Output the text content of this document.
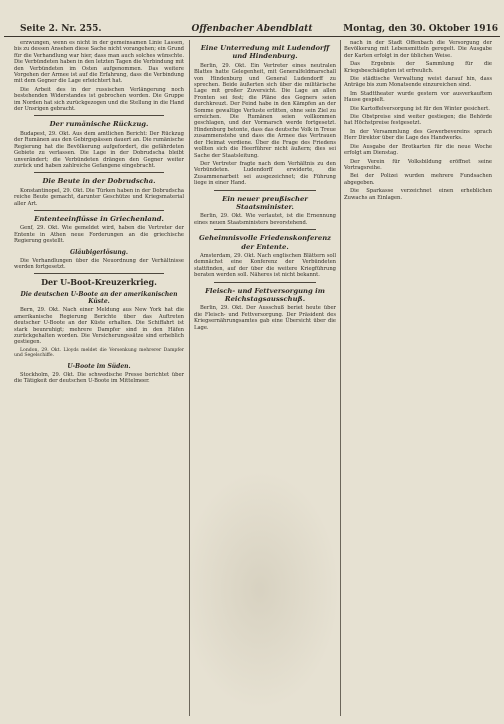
Seite 2. Nr. 255.	Offenbacher Abendblatt	Montag, den 30. Oktober 1916

erzwungen, wenn es nicht in der gemeinsamen Linie Lassen, bis zu dessen Ansehen diese Sache nicht vorangehen; ein Grund für die Verhandlung war hier, dass man auch solches wünschte. Die Verbündeten haben in den letzten Tagen die Verbindung mit den Verbündeten im Osten aufgenommen. Das weitere Vorgehen der Armee ist auf die Erfahrung, dass die Verbindung mit dem Gegner die Lage erleichtert hat.

Die Arbeit des in der russischen Verlängerung noch bestehenden Widerstandes ist gebrochen worden. Die Gruppe im Norden hat sich zurückgezogen und die Stellung in die Hand der Unsrigen gebracht.

Der rumänische Rückzug.

Budapest, 29. Okt. Aus dem amtlichen Bericht: Der Rückzug der Rumänen aus den Gebirgspässen dauert an. Die rumänische Regierung hat die Bevölkerung aufgefordert, die gefährdeten Gebiete zu verlassen. Die Lage in der Dobrudscha bleibt unverändert; die Verbündeten drängen den Gegner weiter zurück und haben zahlreiche Gefangene eingebracht.

Die Beute in der Dobrudscha.

Konstantinopel, 29. Okt. Die Türken haben in der Dobrudscha reiche Beute gemacht, darunter Geschütze und Kriegsmaterial aller Art.

Ententeeinflüsse in Griechenland.

Genf, 29. Okt. Wie gemeldet wird, haben die Vertreter der Entente in Athen neue Forderungen an die griechische Regierung gestellt.

Gläubigerlösung.

Die Verhandlungen über die Neuordnung der Verhältnisse werden fortgesetzt.

Der U-Boot-Kreuzerkrieg.
Die deutschen U-Boote an der amerikanischen Küste.

Bern, 29. Okt. Nach einer Meldung aus New York hat die amerikanische Regierung Berichte über das Auftreten deutscher U-Boote an der Küste erhalten. Die Schiffahrt ist stark beunruhigt; mehrere Dampfer sind in den Häfen zurückgehalten worden. Die Versicherungssätze sind erheblich gestiegen.

London, 29. Okt. Lloyds meldet die Versenkung mehrerer Dampfer und Segelschiffe.

U-Boote im Süden.

Stockholm, 29. Okt. Die schwedische Presse berichtet über die Tätigkeit der deutschen U-Boote im Mittelmeer.

Eine Unterredung mit Ludendorff und Hindenburg.

Berlin, 29. Okt. Ein Vertreter eines neutralen Blattes hatte Gelegenheit, mit Generalfeldmarschall von Hindenburg und General Ludendorff zu sprechen. Beide äußerten sich über die militärische Lage mit großer Zuversicht. Die Lage an allen Fronten sei fest; die Pläne des Gegners seien durchkreuzt. Der Feind habe in den Kämpfen an der Somme gewaltige Verluste erlitten, ohne sein Ziel zu erreichen. Die Rumänen seien vollkommen geschlagen, und der Vormarsch werde fortgesetzt. Hindenburg betonte, dass das deutsche Volk in Treue zusammenstehe und dass die Armee das Vertrauen der Heimat verdiene. Über die Frage des Friedens wollten sich die Heerführer nicht äußern; dies sei Sache der Staatsleitung.

Der Vertreter fragte nach dem Verhältnis zu den Verbündeten. Ludendorff erwiderte, die Zusammenarbeit sei ausgezeichnet; die Führung liege in einer Hand.

Ein neuer preußischer Staatsminister.

Berlin, 29. Okt. Wie verlautet, ist die Ernennung eines neuen Staatsministers bevorstehend.

Geheimnisvolle Friedenskonferenz der Entente.

Amsterdam, 29. Okt. Nach englischen Blättern soll demnächst eine Konferenz der Verbündeten stattfinden, auf der über die weitere Kriegführung beraten werden soll. Näheres ist nicht bekannt.

Fleisch- und Fettversorgung im Reichstagsausschuß.

Berlin, 29. Okt. Der Ausschuß beriet heute über die Fleisch- und Fettversorgung. Der Präsident des Kriegsernährungsamtes gab eine Übersicht über die Lage.

nach in der Stadt Offenbach die Versorgung der Bevölkerung mit Lebensmitteln geregelt. Die Ausgabe der Karten erfolgt in der üblichen Weise.

Das Ergebnis der Sammlung für die Kriegsbeschädigten ist erfreulich.

Die städtische Verwaltung weist darauf hin, dass Anträge bis zum Monatsende einzureichen sind.

Im Stadttheater wurde gestern vor ausverkauftem Hause gespielt.

Die Kartoffelversorgung ist für den Winter gesichert.

Die Obstpreise sind weiter gestiegen; die Behörde hat Höchstpreise festgesetzt.

In der Versammlung des Gewerbevereins sprach Herr Direktor über die Lage des Handwerks.

Die Ausgabe der Brotkarten für die neue Woche erfolgt am Dienstag.

Der Verein für Volksbildung eröffnet seine Vortragsreihe.

Bei der Polizei wurden mehrere Fundsachen abgegeben.

Die Sparkasse verzeichnet einen erheblichen Zuwachs an Einlagen.
